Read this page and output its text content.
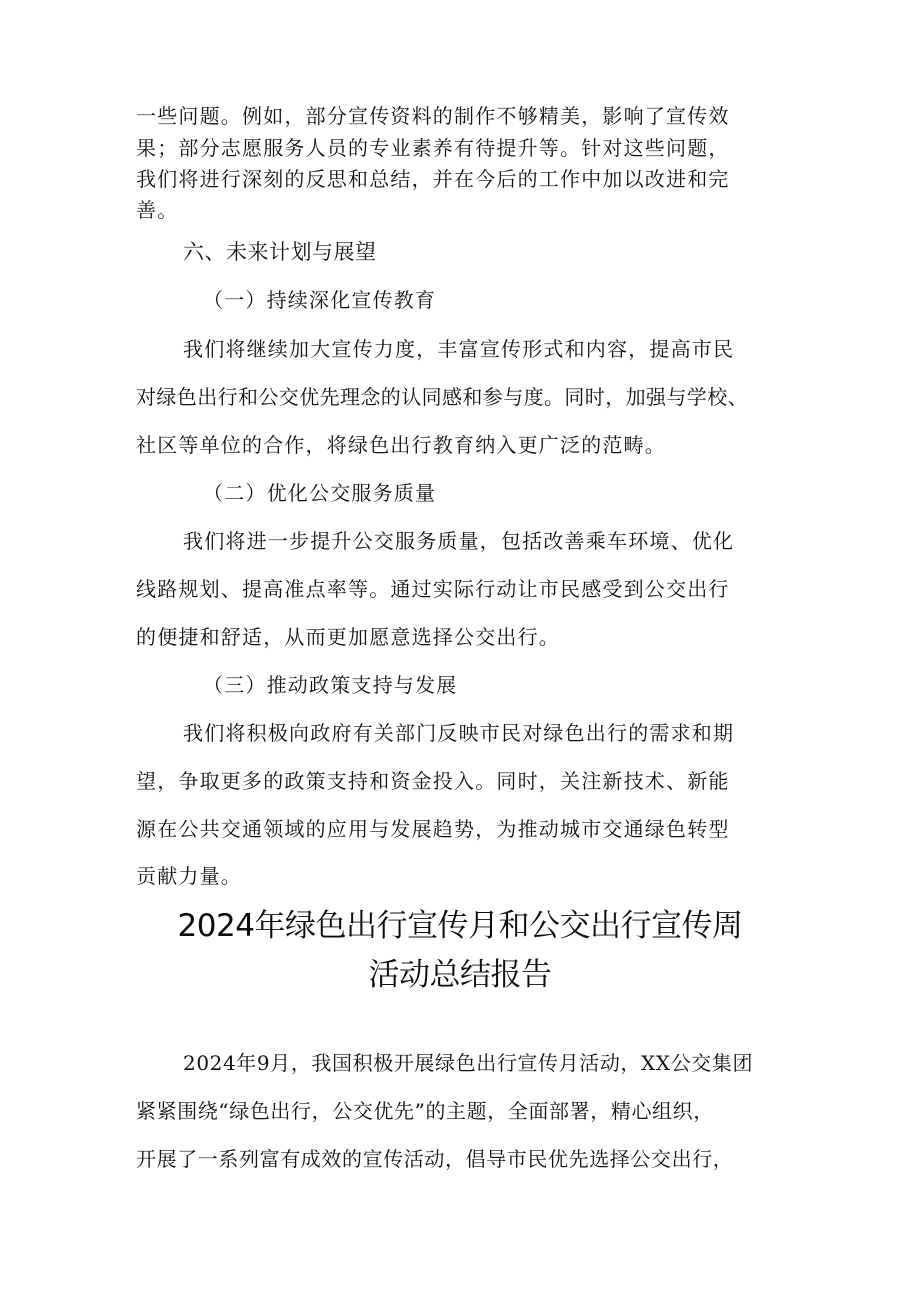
一些问题。例如，部分宣传资料的制作不够精美，影响了宣传效
果；部分志愿服务人员的专业素养有待提升等。针对这些问题，
我们将进行深刻的反思和总结，并在今后的工作中加以改进和完
善。
六、未来计划与展望
（一）持续深化宣传教育
我们将继续加大宣传力度，丰富宣传形式和内容，提高市民
对绿色出行和公交优先理念的认同感和参与度。同时，加强与学校、
社区等单位的合作，将绿色出行教育纳入更广泛的范畴。
（二）优化公交服务质量
我们将进一步提升公交服务质量，包括改善乘车环境、优化
线路规划、提高准点率等。通过实际行动让市民感受到公交出行
的便捷和舒适，从而更加愿意选择公交出行。
（三）推动政策支持与发展
我们将积极向政府有关部门反映市民对绿色出行的需求和期
望，争取更多的政策支持和资金投入。同时，关注新技术、新能
源在公共交通领域的应用与发展趋势，为推动城市交通绿色转型
贡献力量。
2024年绿色出行宣传月和公交出行宣传周
活动总结报告
2024年9月，我国积极开展绿色出行宣传月活动，XX公交集团
紧紧围绕“绿色出行，公交优先”的主题，全面部署，精心组织，
开展了一系列富有成效的宣传活动，倡导市民优先选择公交出行，
